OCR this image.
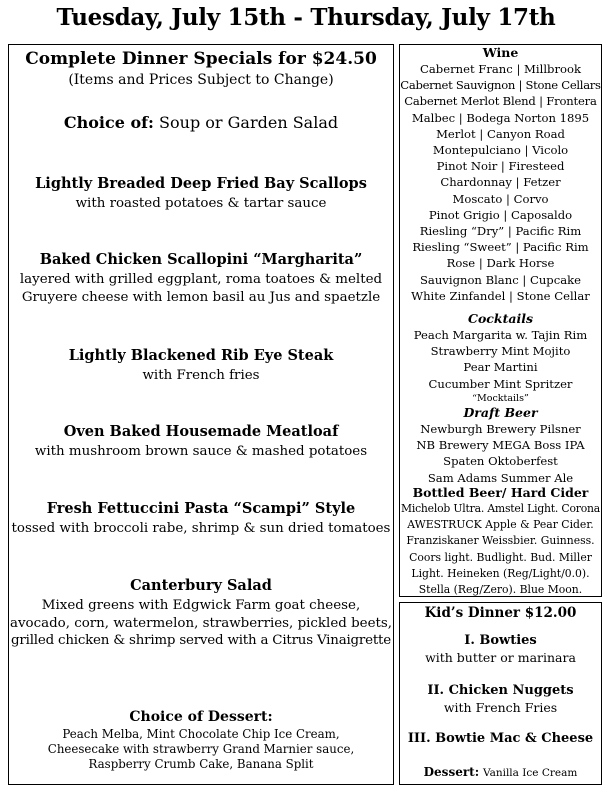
Tuesday, July 15th - Thursday, July 17th
Complete Dinner Specials for $24.50
(Items and Prices Subject to Change)
Choice of: Soup or Garden Salad
Lightly Breaded Deep Fried Bay Scallops
with roasted potatoes & tartar sauce
Baked Chicken Scallopini “Margharita”
layered with grilled eggplant, roma toatoes & melted
Gruyere cheese with lemon basil au Jus and spaetzle
Lightly Blackened Rib Eye Steak
with French fries
Oven Baked Housemade Meatloaf
with mushroom brown sauce & mashed potatoes
Fresh Fettuccini Pasta “Scampi” Style
tossed with broccoli rabe, shrimp & sun dried tomatoes
Canterbury Salad
Mixed greens with Edgwick Farm goat cheese,
avocado, corn, watermelon, strawberries, pickled beets,
grilled chicken & shrimp served with a Citrus Vinaigrette
Choice of Dessert:
Peach Melba, Mint Chocolate Chip Ice Cream,
Cheesecake with strawberry Grand Marnier sauce,
Raspberry Crumb Cake, Banana Split
Wine
Cabernet Franc | Millbrook
Cabernet Sauvignon | Stone Cellars
Cabernet Merlot Blend | Frontera
Malbec | Bodega Norton 1895
Merlot | Canyon Road
Montepulciano | Vicolo
Pinot Noir | Firesteed
Chardonnay | Fetzer
Moscato | Corvo
Pinot Grigio | Caposaldo
Riesling “Dry” | Pacific Rim
Riesling “Sweet” | Pacific Rim
Rose | Dark Horse
Sauvignon Blanc | Cupcake
White Zinfandel | Stone Cellar
Cocktails
Peach Margarita w. Tajin Rim
Strawberry Mint Mojito
Pear Martini
Cucumber Mint Spritzer
“Mocktails”
Draft Beer
Newburgh Brewery Pilsner
NB Brewery MEGA Boss IPA
Spaten Oktoberfest
Sam Adams Summer Ale
Bottled Beer/ Hard Cider
Michelob Ultra. Amstel Light. Corona
AWESTRUCK Apple & Pear Cider.
Franziskaner Weissbier. Guinness.
Coors light. Budlight. Bud. Miller
Light. Heineken (Reg/Light/0.0).
Stella (Reg/Zero). Blue Moon.
Kid’s Dinner $12.00
I. Bowties
with butter or marinara
II. Chicken Nuggets
with French Fries
III. Bowtie Mac & Cheese
Dessert: Vanilla Ice Cream
